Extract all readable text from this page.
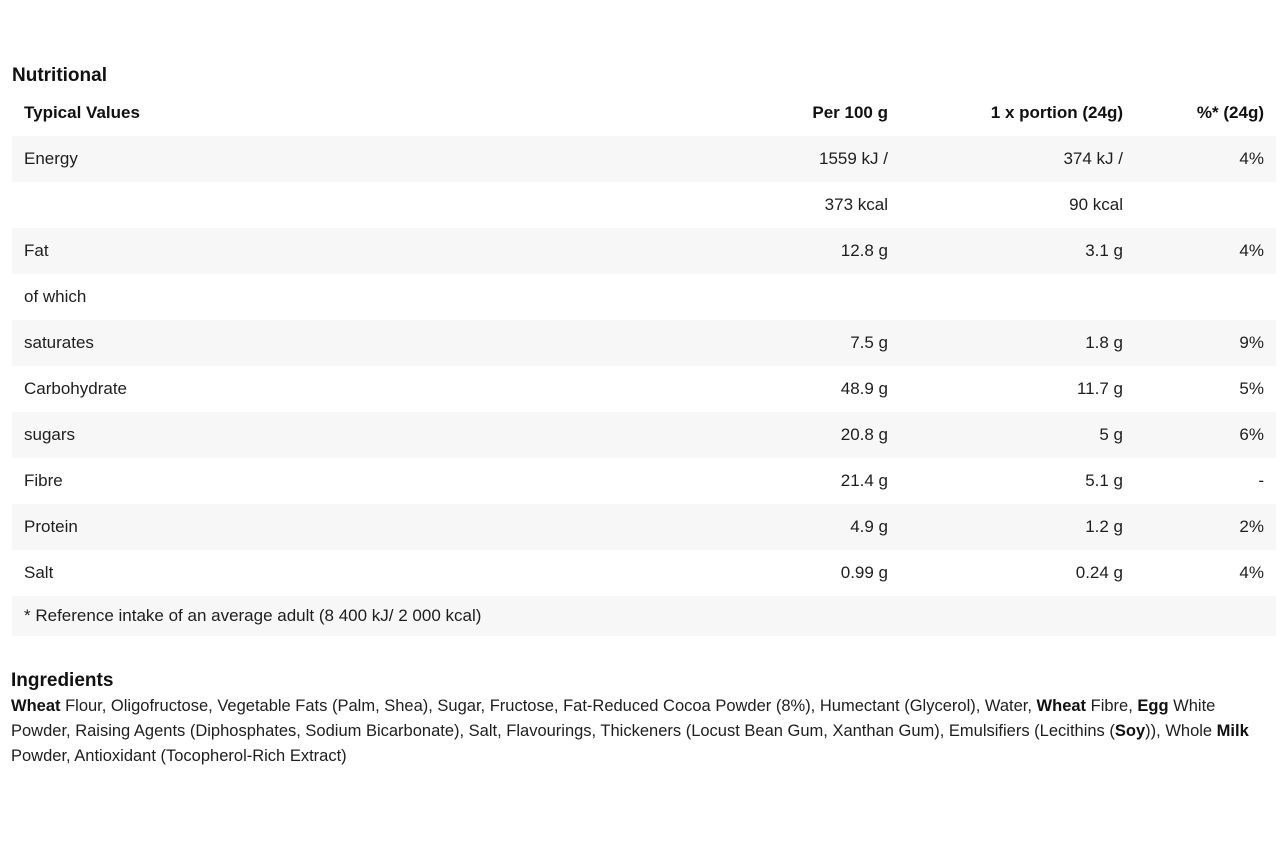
Nutritional
Typical Values	Per 100 g	1 x portion (24g)	%* (24g)
Energy	1559 kJ /	374 kJ /	4%
	373 kcal	90 kcal	
Fat	12.8 g	3.1 g	4%
of which			
saturates	7.5 g	1.8 g	9%
Carbohydrate	48.9 g	11.7 g	5%
sugars	20.8 g	5 g	6%
Fibre	21.4 g	5.1 g	-
Protein	4.9 g	1.2 g	2%
Salt	0.99 g	0.24 g	4%
* Reference intake of an average adult (8 400 kJ/ 2 000 kcal)			
Ingredients

Wheat Flour, Oligofructose, Vegetable Fats (Palm, Shea), Sugar, Fructose, Fat-Reduced Cocoa Powder (8%), Humectant (Glycerol), Water, Wheat Fibre, Egg White Powder, Raising Agents (Diphosphates, Sodium Bicarbonate), Salt, Flavourings, Thickeners (Locust Bean Gum, Xanthan Gum), Emulsifiers (Lecithins (Soy)), Whole Milk Powder, Antioxidant (Tocopherol-Rich Extract)
